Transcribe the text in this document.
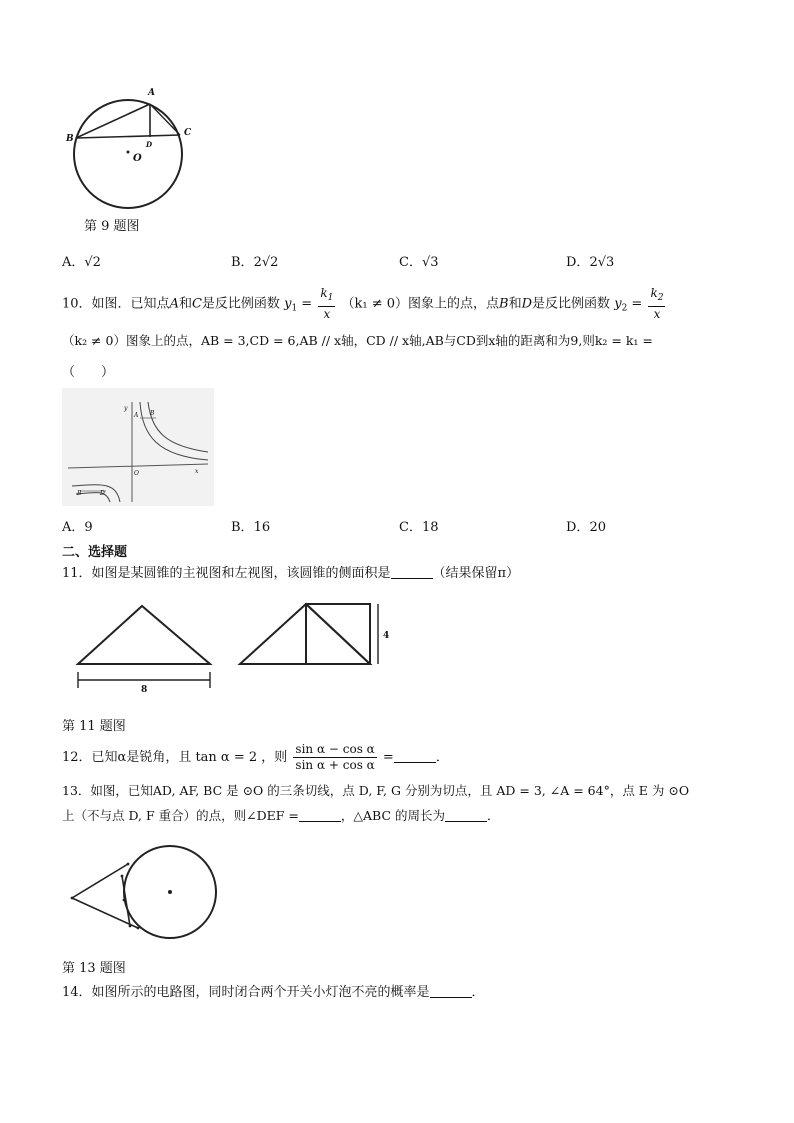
A
B
C
D
O
第 9 题图
A．√2	B．2√2	C．√3	D．2√3
10．如图．已知点A和C是反比例函数 $y_1 = \frac{k_1}{x} (k_1 \ne 0)$图象上的点，点B和D是反比例函数 $y_2 = \frac{k_2}{x}$
（k₂ ≠ 0）图象上的点，AB = 3,CD = 6,AB // x轴，CD // x轴,AB与CD到x轴的距离和为9,则k₂ = k₁ =
（　　）
y
A B
O	x
B	D
A．9	B．16	C．18	D．20
二、选择题
11．如图是某圆锥的主视图和左视图，该圆锥的侧面积是	（结果保留π）
8
4
第 11 题图
12．已知α是锐角，且 tan α = 2 ，则 $\frac{\text{sin α − cos α}}{\text{sin α + cos α}}$ =	．
13．如图，已知AD, AF, BC 是 ⊙O 的三条切线，点 D, F, G 分别为切点，且 AD = 3, ∠A = 64°，点 E 为 ⊙O
上（不与点 D, F 重合）的点，则∠DEF =	，△ABC 的周长为	．
第 13 题图
14．如图所示的电路图，同时闭合两个开关小灯泡不亮的概率是	．
